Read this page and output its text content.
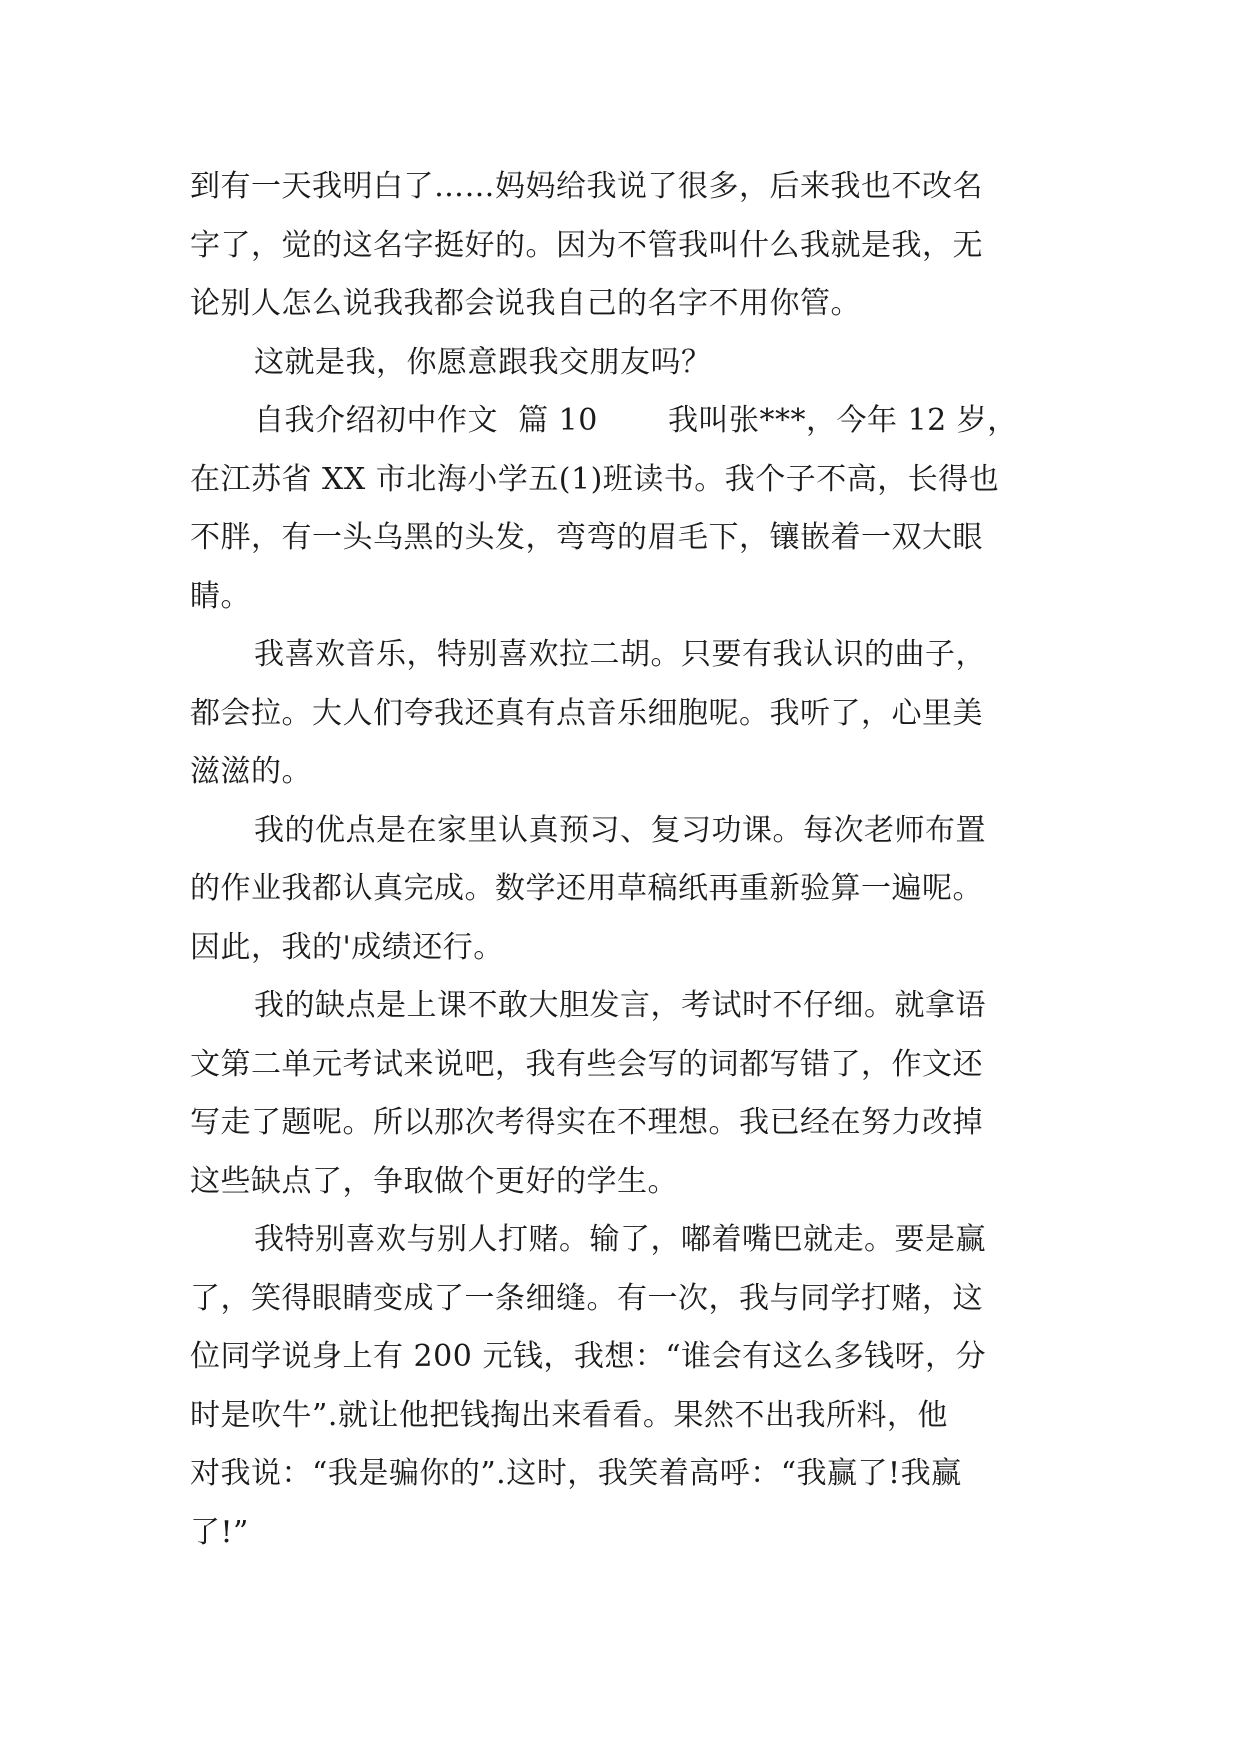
到有一天我明白了……妈妈给我说了很多，后来我也不改名
字了，觉的这名字挺好的。因为不管我叫什么我就是我，无
论别人怎么说我我都会说我自己的名字不用你管。
这就是我，你愿意跟我交朋友吗？
自我介绍初中作文  篇 10       我叫张***，今年 12 岁，
在江苏省 XX 市北海小学五(1)班读书。我个子不高，长得也
不胖，有一头乌黑的头发，弯弯的眉毛下，镶嵌着一双大眼
睛。
我喜欢音乐，特别喜欢拉二胡。只要有我认识的曲子，
都会拉。大人们夸我还真有点音乐细胞呢。我听了，心里美
滋滋的。
我的优点是在家里认真预习、复习功课。每次老师布置
的作业我都认真完成。数学还用草稿纸再重新验算一遍呢。
因此，我的'成绩还行。
我的缺点是上课不敢大胆发言，考试时不仔细。就拿语
文第二单元考试来说吧，我有些会写的词都写错了，作文还
写走了题呢。所以那次考得实在不理想。我已经在努力改掉
这些缺点了，争取做个更好的学生。
我特别喜欢与别人打赌。输了，嘟着嘴巴就走。要是赢
了，笑得眼睛变成了一条细缝。有一次，我与同学打赌，这
位同学说身上有 200 元钱，我想：“谁会有这么多钱呀，分
时是吹牛”.就让他把钱掏出来看看。果然不出我所料，他
对我说：“我是骗你的”.这时，我笑着高呼：“我赢了!我赢
了!”
